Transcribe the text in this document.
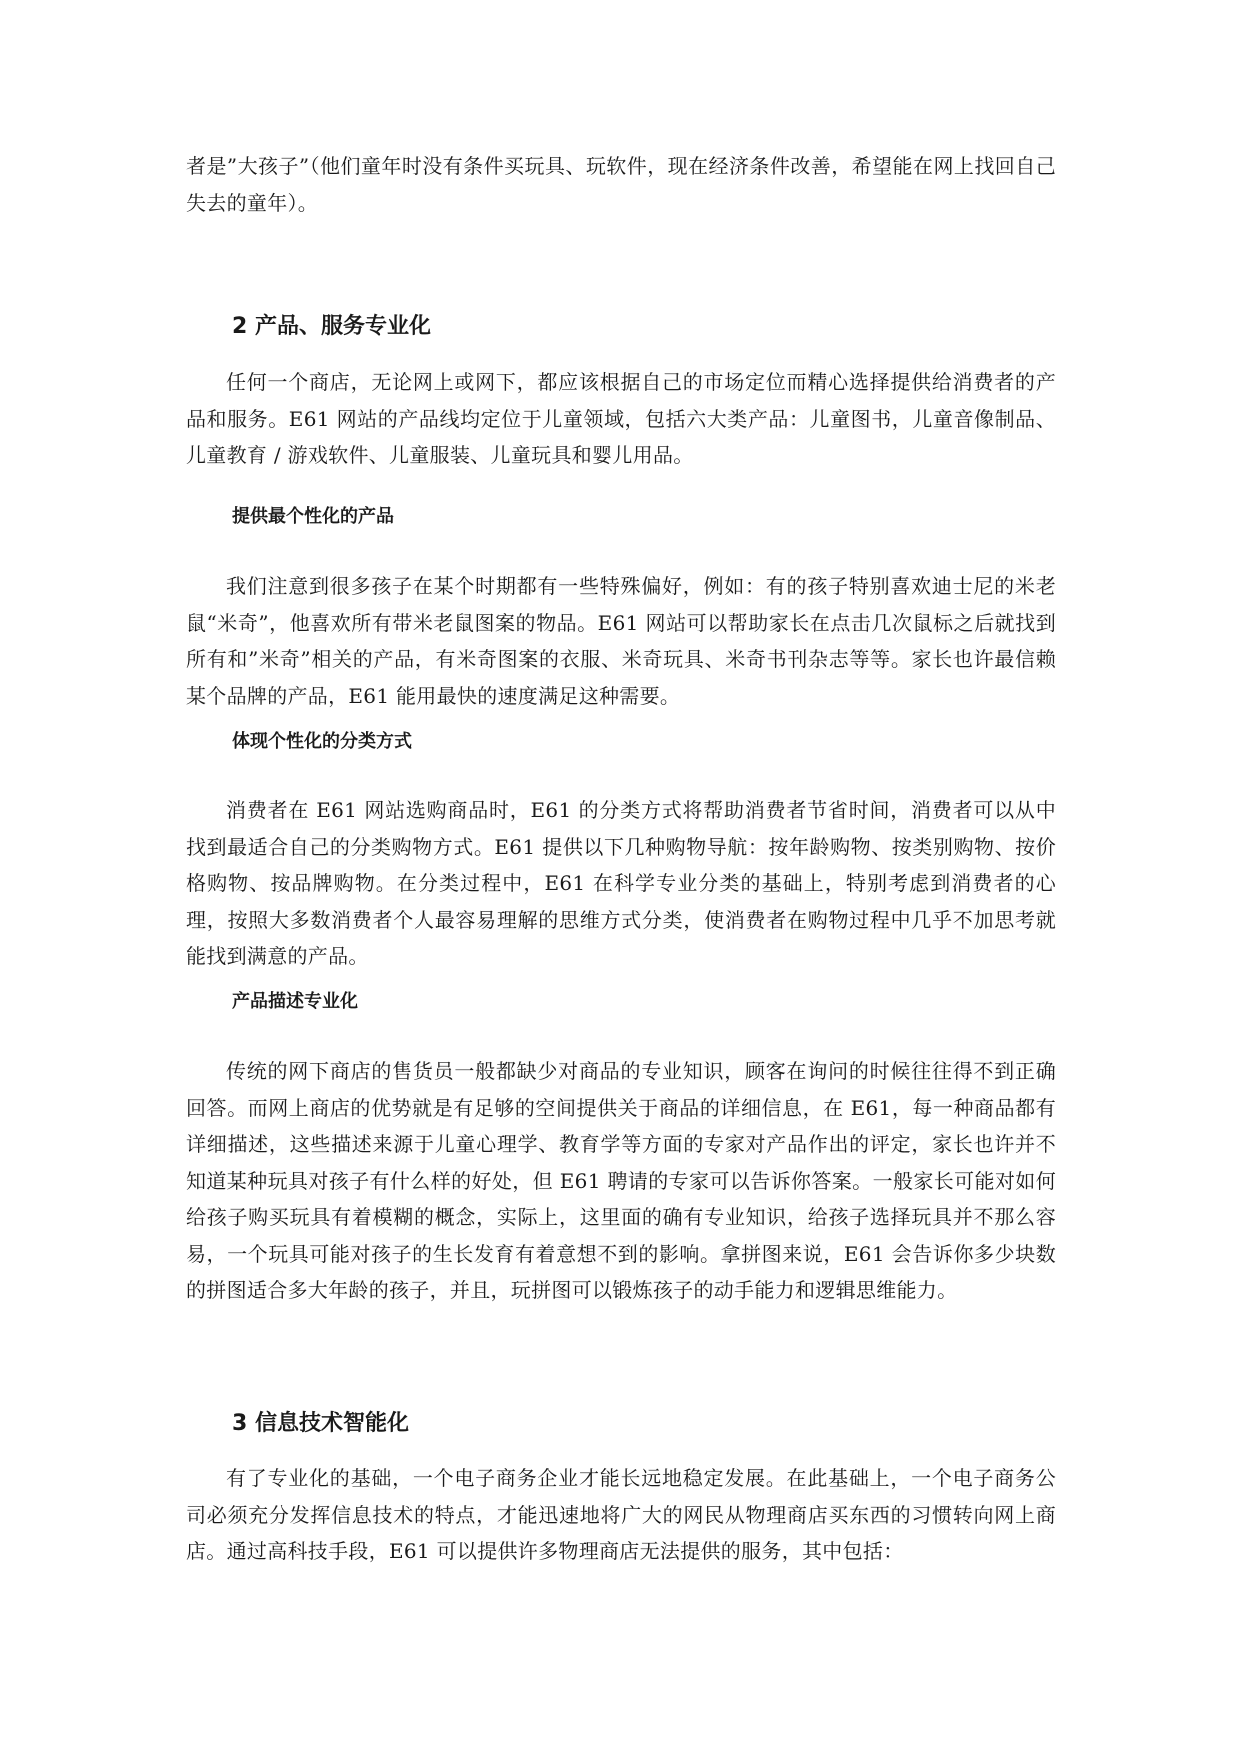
者是”大孩子”（他们童年时没有条件买玩具、玩软件，现在经济条件改善，希望能在网上找回自己失去的童年）。

2 产品、服务专业化

任何一个商店，无论网上或网下，都应该根据自己的市场定位而精心选择提供给消费者的产品和服务。E61 网站的产品线均定位于儿童领域，包括六大类产品：儿童图书，儿童音像制品、儿童教育 / 游戏软件、儿童服装、儿童玩具和婴儿用品。

提供最个性化的产品

我们注意到很多孩子在某个时期都有一些特殊偏好，例如：有的孩子特别喜欢迪士尼的米老鼠“米奇”，他喜欢所有带米老鼠图案的物品。E61 网站可以帮助家长在点击几次鼠标之后就找到所有和”米奇”相关的产品，有米奇图案的衣服、米奇玩具、米奇书刊杂志等等。家长也许最信赖某个品牌的产品，E61 能用最快的速度满足这种需要。

体现个性化的分类方式

消费者在 E61 网站选购商品时，E61 的分类方式将帮助消费者节省时间，消费者可以从中找到最适合自己的分类购物方式。E61 提供以下几种购物导航：按年龄购物、按类别购物、按价格购物、按品牌购物。在分类过程中，E61 在科学专业分类的基础上，特别考虑到消费者的心理，按照大多数消费者个人最容易理解的思维方式分类，使消费者在购物过程中几乎不加思考就能找到满意的产品。

产品描述专业化

传统的网下商店的售货员一般都缺少对商品的专业知识，顾客在询问的时候往往得不到正确回答。而网上商店的优势就是有足够的空间提供关于商品的详细信息，在 E61，每一种商品都有详细描述，这些描述来源于儿童心理学、教育学等方面的专家对产品作出的评定，家长也许并不知道某种玩具对孩子有什么样的好处，但 E61 聘请的专家可以告诉你答案。一般家长可能对如何给孩子购买玩具有着模糊的概念，实际上，这里面的确有专业知识，给孩子选择玩具并不那么容易，一个玩具可能对孩子的生长发育有着意想不到的影响。拿拼图来说，E61 会告诉你多少块数的拼图适合多大年龄的孩子，并且，玩拼图可以锻炼孩子的动手能力和逻辑思维能力。

3 信息技术智能化

有了专业化的基础，一个电子商务企业才能长远地稳定发展。在此基础上，一个电子商务公司必须充分发挥信息技术的特点，才能迅速地将广大的网民从物理商店买东西的习惯转向网上商店。通过高科技手段，E61 可以提供许多物理商店无法提供的服务，其中包括：
